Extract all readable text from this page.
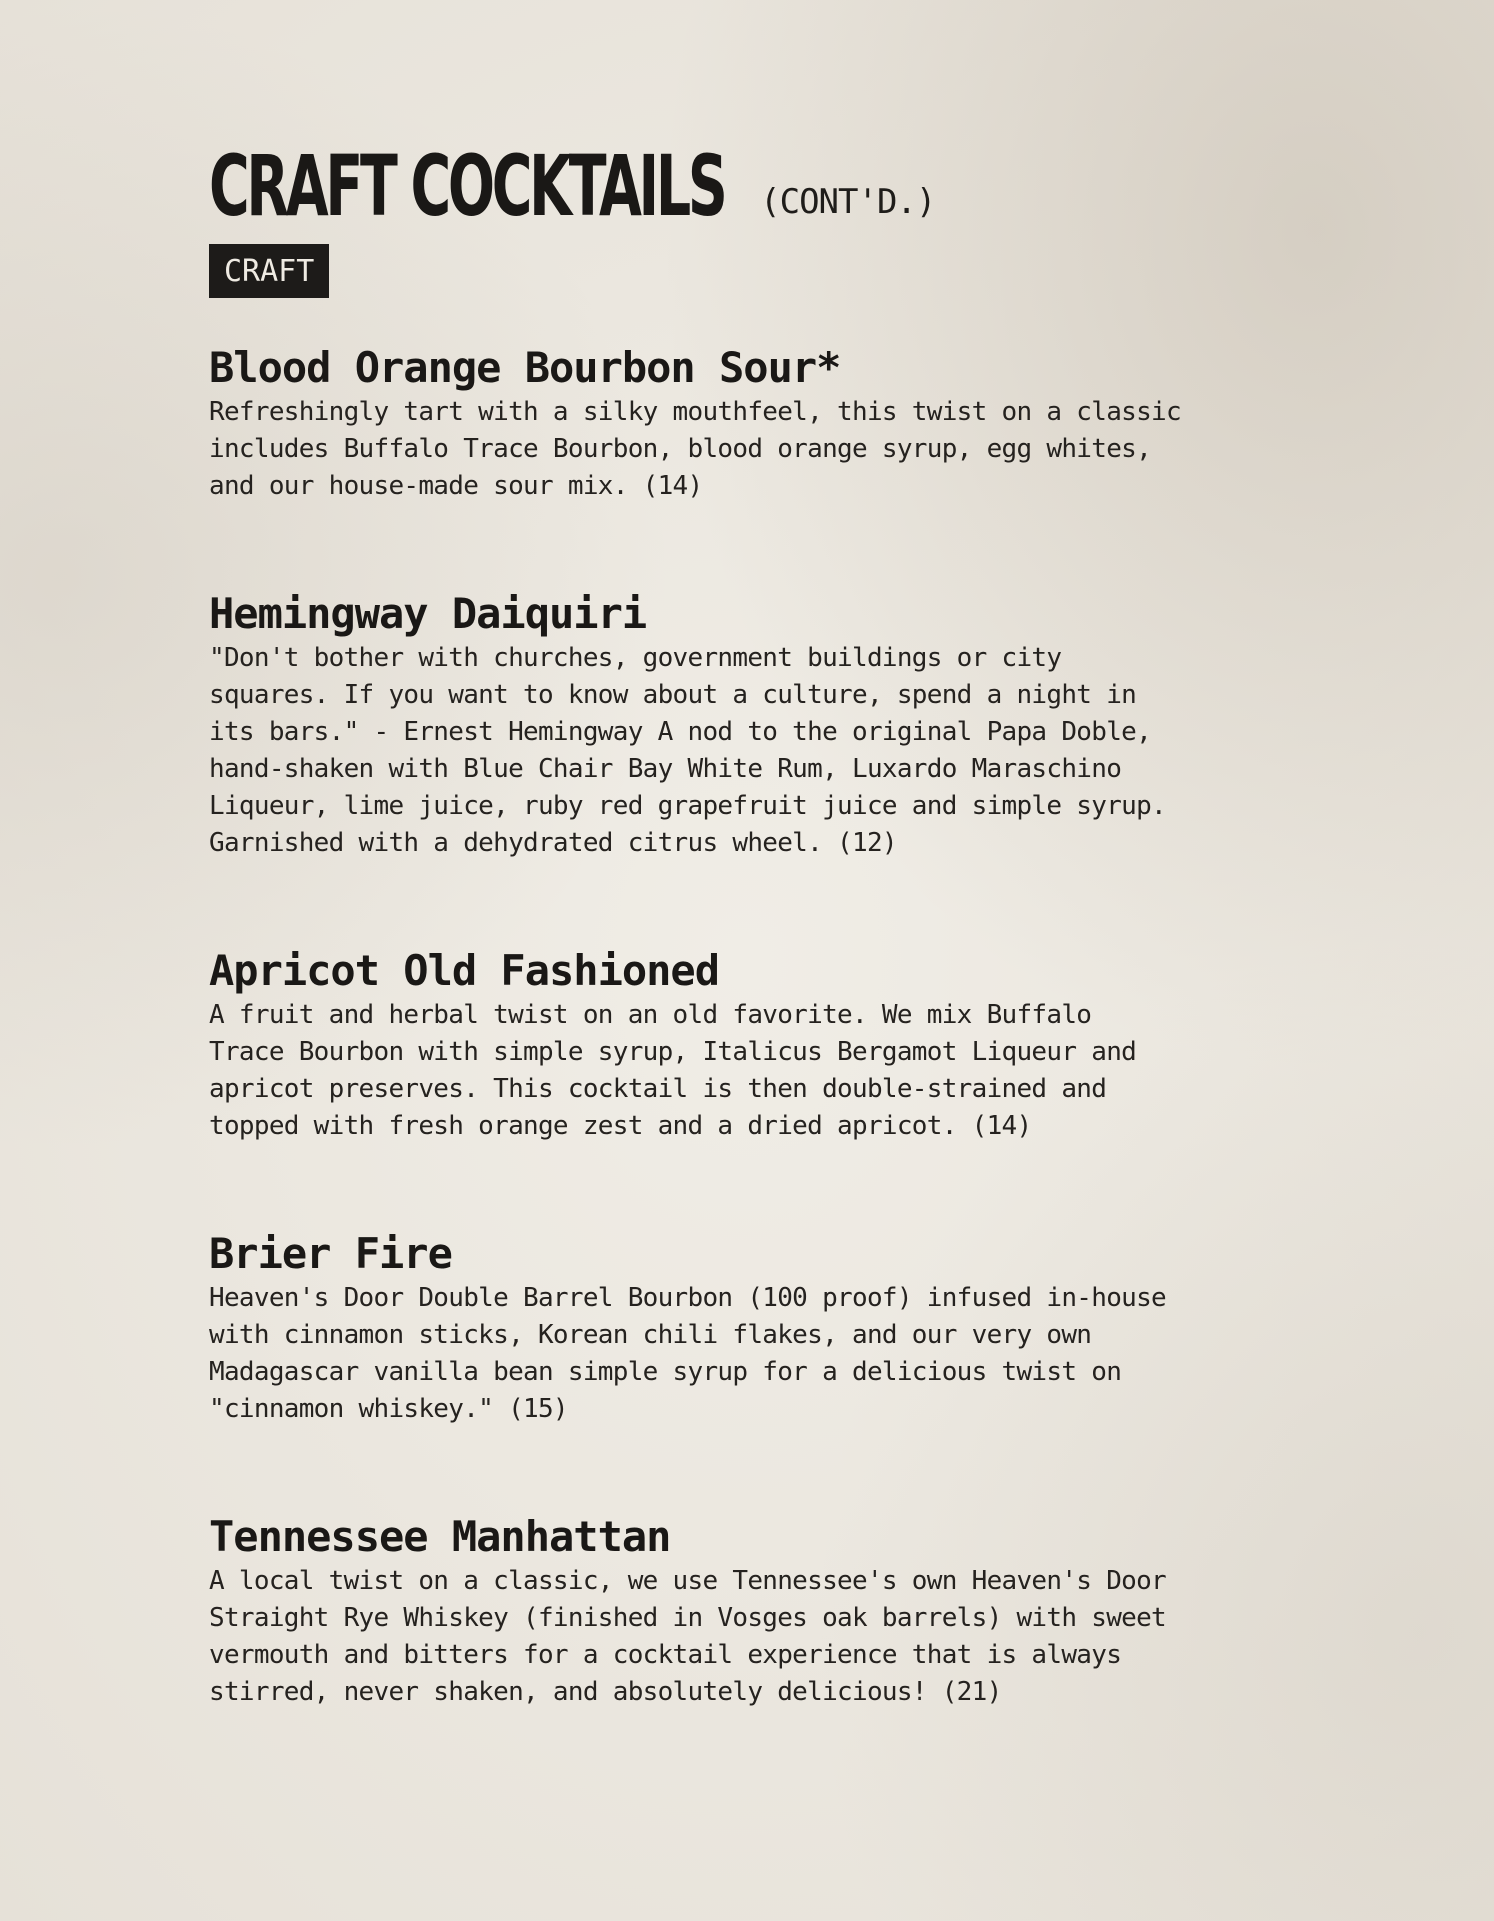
CRAFT COCKTAILS (CONT'D.)
CRAFT
Blood Orange Bourbon Sour*
Refreshingly tart with a silky mouthfeel, this twist on a classic
includes Buffalo Trace Bourbon, blood orange syrup, egg whites,
and our house-made sour mix. (14)
Hemingway Daiquiri
"Don't bother with churches, government buildings or city
squares. If you want to know about a culture, spend a night in
its bars." - Ernest Hemingway A nod to the original Papa Doble,
hand-shaken with Blue Chair Bay White Rum, Luxardo Maraschino
Liqueur, lime juice, ruby red grapefruit juice and simple syrup.
Garnished with a dehydrated citrus wheel. (12)
Apricot Old Fashioned
A fruit and herbal twist on an old favorite. We mix Buffalo
Trace Bourbon with simple syrup, Italicus Bergamot Liqueur and
apricot preserves. This cocktail is then double-strained and
topped with fresh orange zest and a dried apricot. (14)
Brier Fire
Heaven's Door Double Barrel Bourbon (100 proof) infused in-house
with cinnamon sticks, Korean chili flakes, and our very own
Madagascar vanilla bean simple syrup for a delicious twist on
"cinnamon whiskey." (15)
Tennessee Manhattan
A local twist on a classic, we use Tennessee's own Heaven's Door
Straight Rye Whiskey (finished in Vosges oak barrels) with sweet
vermouth and bitters for a cocktail experience that is always
stirred, never shaken, and absolutely delicious! (21)
